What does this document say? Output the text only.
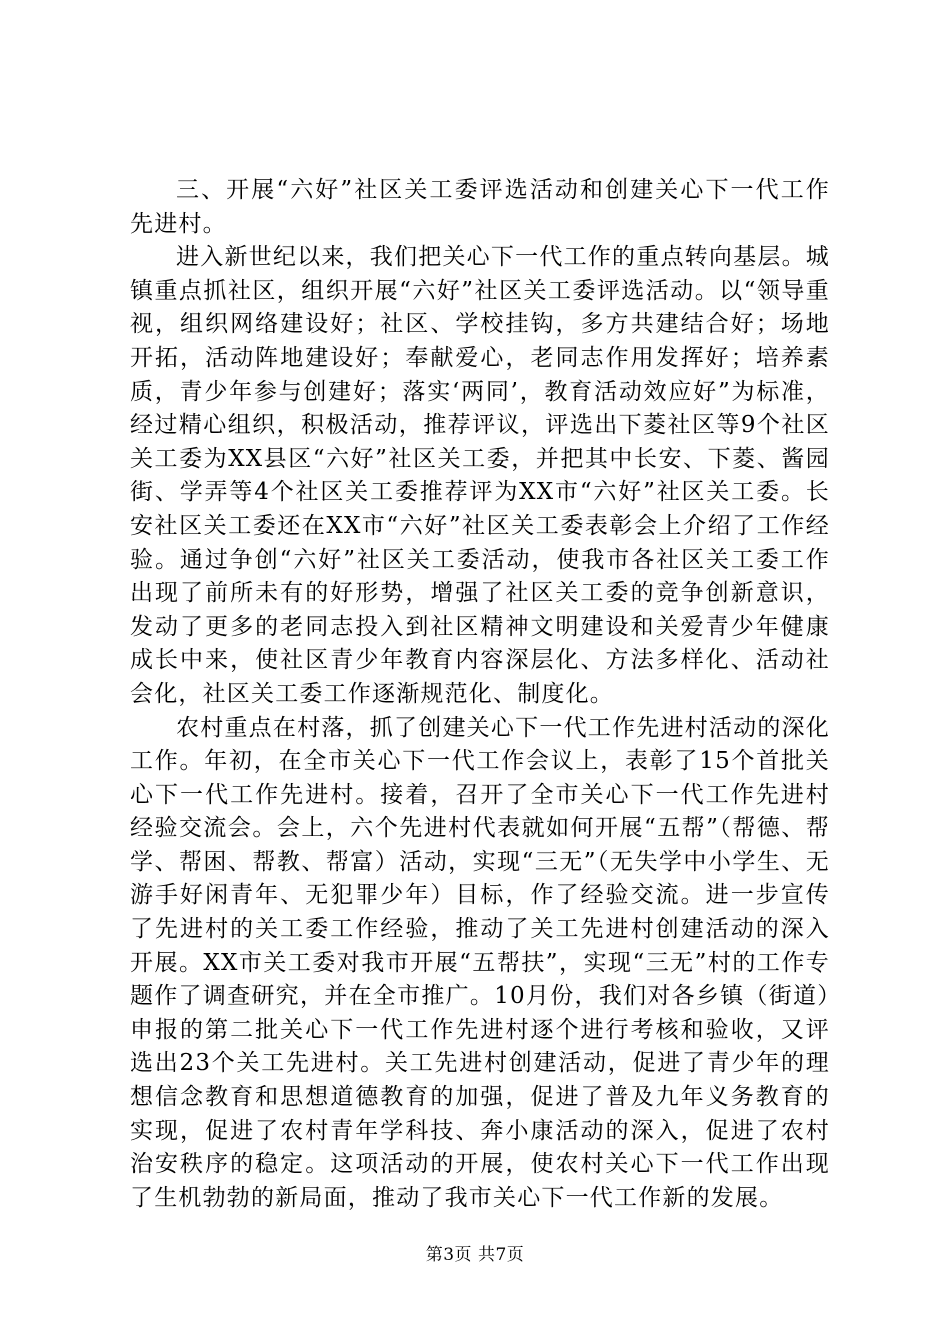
三、开展“六好”社区关工委评选活动和创建关心下一代工作先进村。

进入新世纪以来，我们把关心下一代工作的重点转向基层。城镇重点抓社区，组织开展“六好”社区关工委评选活动。以“领导重视，组织网络建设好；社区、学校挂钩，多方共建结合好；场地开拓，活动阵地建设好；奉献爱心，老同志作用发挥好；培养素质，青少年参与创建好；落实‘两同’，教育活动效应好”为标准，经过精心组织，积极活动，推荐评议，评选出下菱社区等9个社区关工委为XX县区“六好”社区关工委，并把其中长安、下菱、酱园街、学弄等4个社区关工委推荐评为XX市“六好”社区关工委。长安社区关工委还在XX市“六好”社区关工委表彰会上介绍了工作经验。通过争创“六好”社区关工委活动，使我市各社区关工委工作出现了前所未有的好形势，增强了社区关工委的竞争创新意识，发动了更多的老同志投入到社区精神文明建设和关爱青少年健康成长中来，使社区青少年教育内容深层化、方法多样化、活动社会化，社区关工委工作逐渐规范化、制度化。

农村重点在村落，抓了创建关心下一代工作先进村活动的深化工作。年初，在全市关心下一代工作会议上，表彰了15个首批关心下一代工作先进村。接着，召开了全市关心下一代工作先进村经验交流会。会上，六个先进村代表就如何开展“五帮”（帮德、帮学、帮困、帮教、帮富）活动，实现“三无”（无失学中小学生、无游手好闲青年、无犯罪少年）目标，作了经验交流。进一步宣传了先进村的关工委工作经验，推动了关工先进村创建活动的深入开展。XX市关工委对我市开展“五帮扶”，实现“三无”村的工作专题作了调查研究，并在全市推广。10月份，我们对各乡镇（街道）申报的第二批关心下一代工作先进村逐个进行考核和验收，又评选出23个关工先进村。关工先进村创建活动，促进了青少年的理想信念教育和思想道德教育的加强，促进了普及九年义务教育的实现，促进了农村青年学科技、奔小康活动的深入，促进了农村治安秩序的稳定。这项活动的开展，使农村关心下一代工作出现了生机勃勃的新局面，推动了我市关心下一代工作新的发展。

第3页 共7页
